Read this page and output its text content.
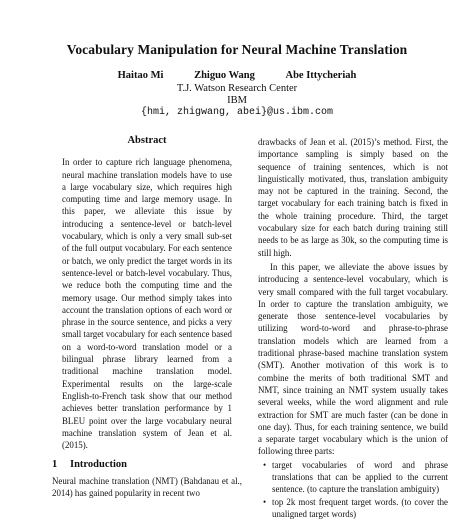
Vocabulary Manipulation for Neural Machine Translation
Haitao Mi	Zhiguo Wang	Abe Ittycheriah
T.J. Watson Research Center
IBM
{hmi, zhigwang, abei}@us.ibm.com
Abstract

In order to capture rich language phenomena, neural machine translation models have to use a large vocabulary size, which requires high computing time and large memory usage. In this paper, we alleviate this issue by introducing a sentence-level or batch-level vocabulary, which is only a very small sub-set of the full output vocabulary. For each sentence or batch, we only predict the target words in its sentence-level or batch-level vocabulary. Thus, we reduce both the computing time and the memory usage. Our method simply takes into account the translation options of each word or phrase in the source sentence, and picks a very small target vocabulary for each sentence based on a word-to-word translation model or a bilingual phrase library learned from a traditional machine translation model. Experimental results on the large-scale English-to-French task show that our method achieves better translation performance by 1 BLEU point over the large vocabulary neural machine translation system of Jean et al. (2015).

1 Introduction

Neural machine translation (NMT) (Bahdanau et al., 2014) has gained popularity in recent two

drawbacks of Jean et al. (2015)’s method. First, the importance sampling is simply based on the sequence of training sentences, which is not linguistically motivated, thus, translation ambiguity may not be captured in the training. Second, the target vocabulary for each training batch is fixed in the whole training procedure. Third, the target vocabulary size for each batch during training still needs to be as large as 30k, so the computing time is still high.

In this paper, we alleviate the above issues by introducing a sentence-level vocabulary, which is very small compared with the full target vocabulary. In order to capture the translation ambiguity, we generate those sentence-level vocabularies by utilizing word-to-word and phrase-to-phrase translation models which are learned from a traditional phrase-based machine translation system (SMT). Another motivation of this work is to combine the merits of both traditional SMT and NMT, since training an NMT system usually takes several weeks, while the word alignment and rule extraction for SMT are much faster (can be done in one day). Thus, for each training sentence, we build a separate target vocabulary which is the union of following three parts:

• target vocabularies of word and phrase translations that can be applied to the current sentence. (to capture the translation ambiguity)
• top 2k most frequent target words. (to cover the unaligned target words)
